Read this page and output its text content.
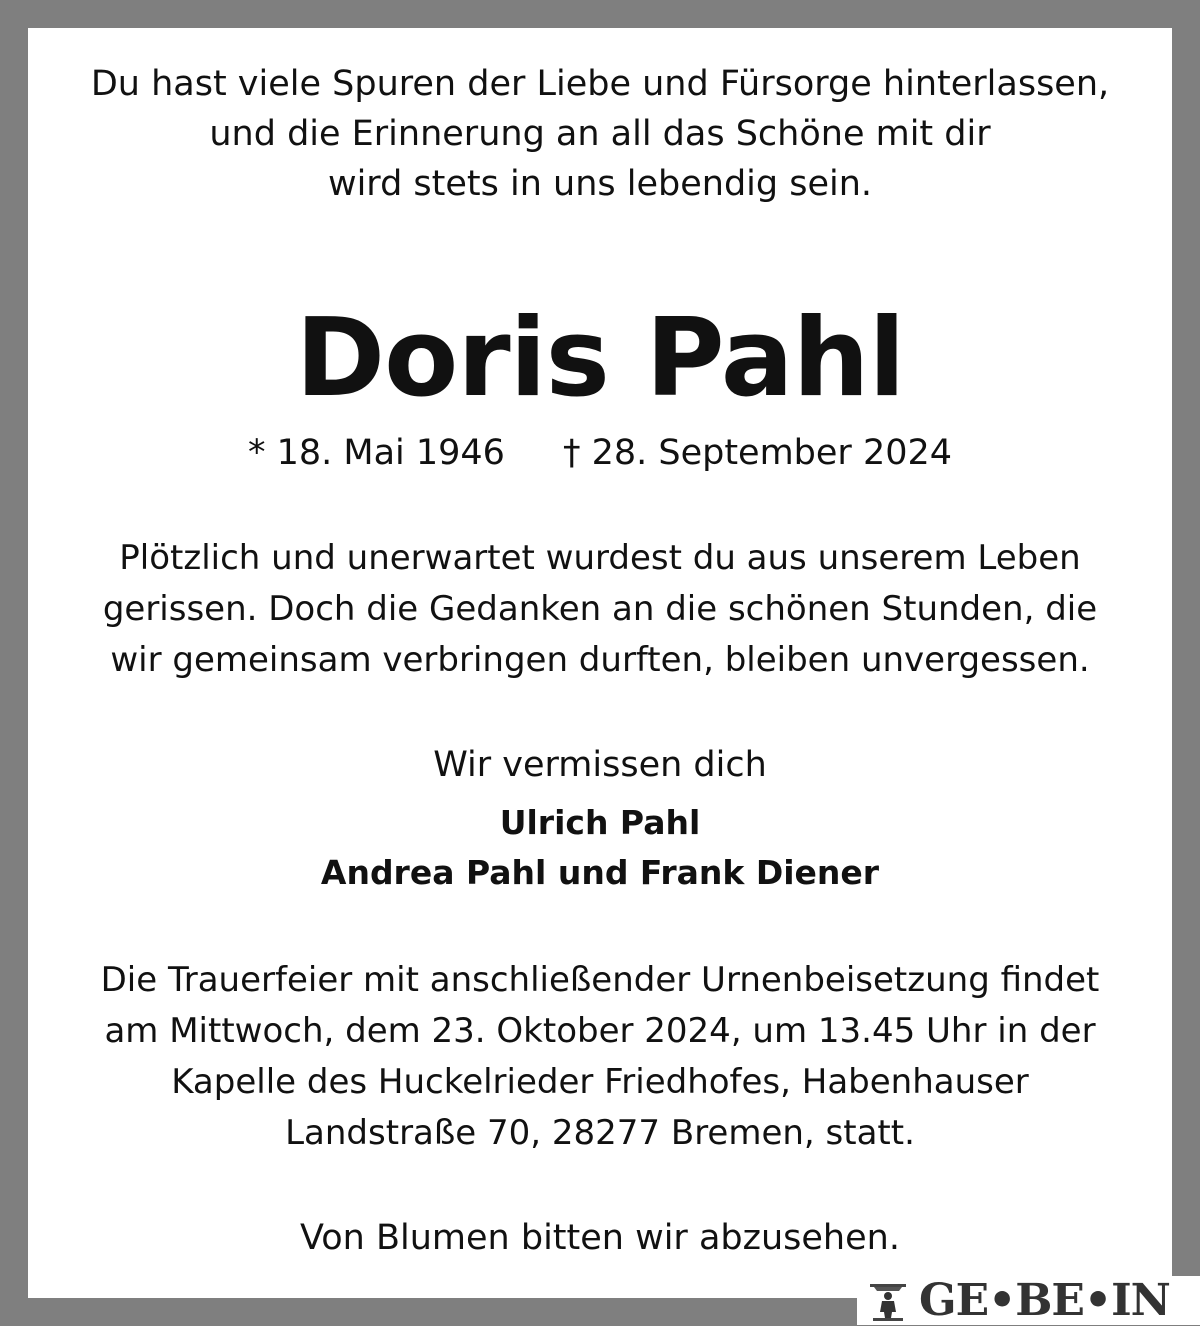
Du hast viele Spuren der Liebe und Fürsorge hinterlassen,
und die Erinnerung an all das Schöne mit dir
wird stets in uns lebendig sein.
Doris Pahl
* 18. Mai 1946 † 28. September 2024
Plötzlich und unerwartet wurdest du aus unserem Leben
gerissen. Doch die Gedanken an die schönen Stunden, die
wir gemeinsam verbringen durften, bleiben unvergessen.
Wir vermissen dich
Ulrich Pahl
Andrea Pahl und Frank Diener
Die Trauerfeier mit anschließender Urnenbeisetzung findet
am Mittwoch, dem 23. Oktober 2024, um 13.45 Uhr in der
Kapelle des Huckelrieder Friedhofes, Habenhauser
Landstraße 70, 28277 Bremen, statt.
Von Blumen bitten wir abzusehen.
GE•BE•IN
